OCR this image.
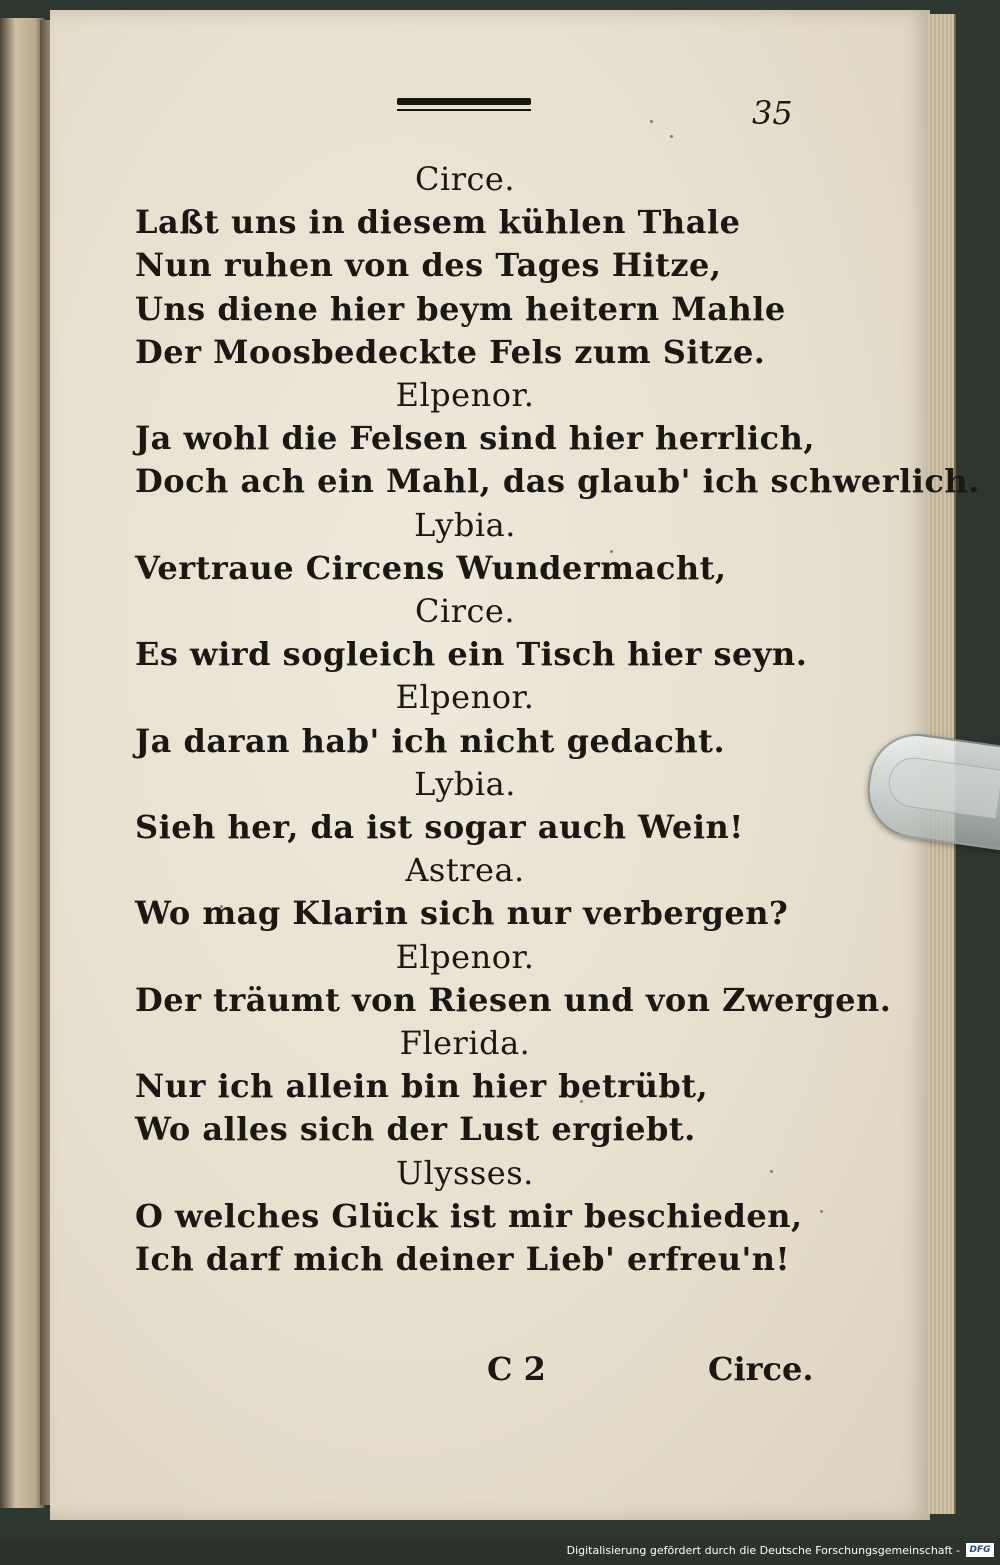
35
Circe.
Laßt uns in diesem kühlen Thale
Nun ruhen von des Tages Hitze,
Uns diene hier beym heitern Mahle
Der Moosbedeckte Fels zum Sitze.
Elpenor.
Ja wohl die Felsen sind hier herrlich,
Doch ach ein Mahl, das glaub' ich schwerlich.
Lybia.
Vertraue Circens Wundermacht,
Circe.
Es wird sogleich ein Tisch hier seyn.
Elpenor.
Ja daran hab' ich nicht gedacht.
Lybia.
Sieh her, da ist sogar auch Wein!
Astrea.
Wo mag Klarin sich nur verbergen?
Elpenor.
Der träumt von Riesen und von Zwergen.
Flerida.
Nur ich allein bin hier betrübt,
Wo alles sich der Lust ergiebt.
Ulysses.
O welches Glück ist mir beschieden,
Ich darf mich deiner Lieb' erfreu'n!
C 2	Circe.
Digitalisierung gefördert durch die Deutsche Forschungsgemeinschaft -	DFG
